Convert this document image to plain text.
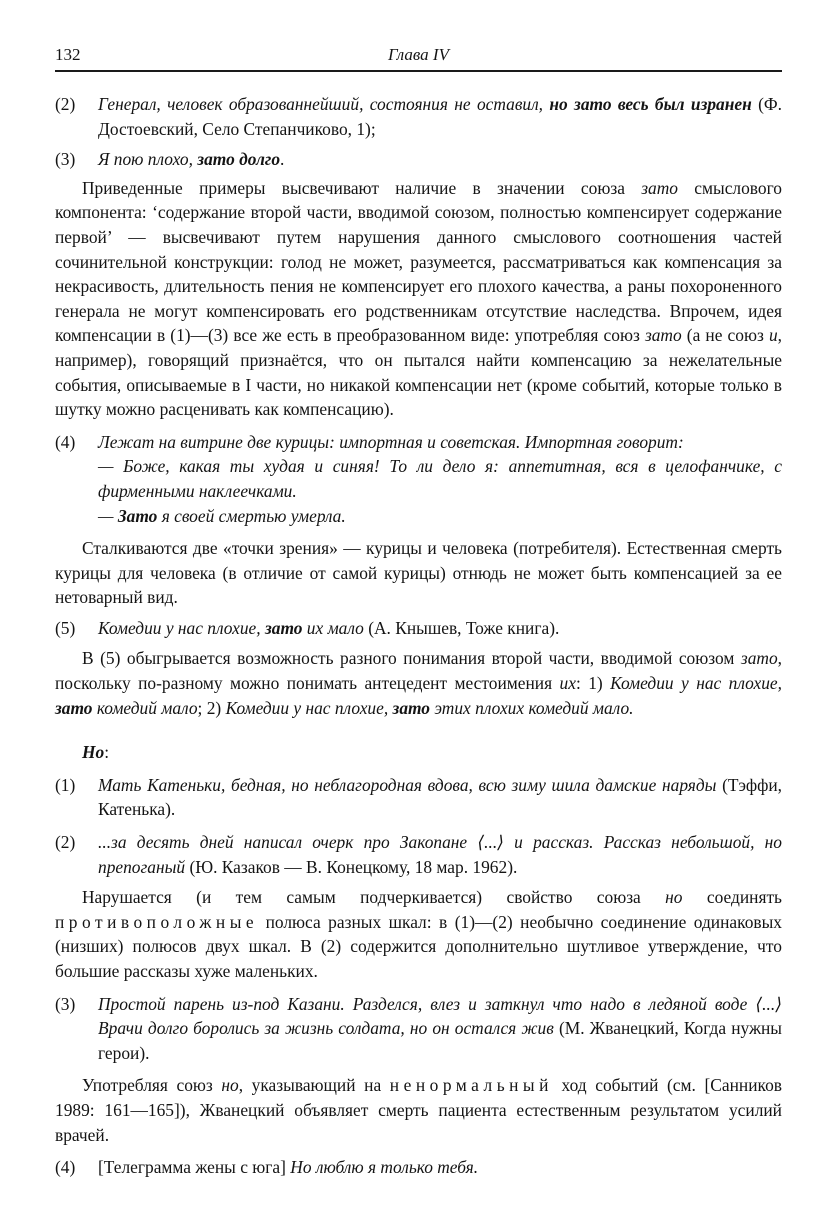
132	Глава IV

(2) Генерал, человек образованнейший, состояния не оставил, но зато весь был изранен (Ф. Достоевский, Село Степанчиково, 1);

(3) Я пою плохо, зато долго.

Приведенные примеры высвечивают наличие в значении союза зато смыслового компонента: ‘содержание второй части, вводимой союзом, полностью компенсирует содержание первой’ — высвечивают путем нарушения данного смыслового соотношения частей сочинительной конструкции: голод не может, разумеется, рассматриваться как компенсация за некрасивость, длительность пения не компенсирует его плохого качества, а раны похороненного генерала не могут компенсировать его родственникам отсутствие наследства. Впрочем, идея компенсации в (1)—(3) все же есть в преобразованном виде: употребляя союз зато (а не союз и, например), говорящий признаётся, что он пытался найти компенсацию за нежелательные события, описываемые в I части, но никакой компенсации нет (кроме событий, которые только в шутку можно расценивать как компенсацию).

(4) Лежат на витрине две курицы: импортная и советская. Импортная говорит:
— Боже, какая ты худая и синяя! То ли дело я: аппетитная, вся в целофанчике, с фирменными наклеечками.
— Зато я своей смертью умерла.

Сталкиваются две «точки зрения» — курицы и человека (потребителя). Естественная смерть курицы для человека (в отличие от самой курицы) отнюдь не может быть компенсацией за ее нетоварный вид.

(5) Комедии у нас плохие, зато их мало (А. Кнышев, Тоже книга).

В (5) обыгрывается возможность разного понимания второй части, вводимой союзом зато, поскольку по-разному можно понимать антецедент местоимения их: 1) Комедии у нас плохие, зато комедий мало; 2) Комедии у нас плохие, зато этих плохих комедий мало.

Но:

(1) Мать Катеньки, бедная, но неблагородная вдова, всю зиму шила дамские наряды (Тэффи, Катенька).

(2) ...за десять дней написал очерк про Закопане ⟨...⟩ и рассказ. Рассказ небольшой, но препоганый (Ю. Казаков — В. Конецкому, 18 мар. 1962).

Нарушается (и тем самым подчеркивается) свойство союза но соединять противоположные полюса разных шкал: в (1)—(2) необычно соединение одинаковых (низших) полюсов двух шкал. В (2) содержится дополнительно шутливое утверждение, что большие рассказы хуже маленьких.

(3) Простой парень из-под Казани. Разделся, влез и заткнул что надо в ледяной воде ⟨...⟩ Врачи долго боролись за жизнь солдата, но он остался жив (М. Жванецкий, Когда нужны герои).

Употребляя союз но, указывающий на ненормальный ход событий (см. [Санников 1989: 161—165]), Жванецкий объявляет смерть пациента естественным результатом усилий врачей.

(4) [Телеграмма жены с юга] Но люблю я только тебя.
